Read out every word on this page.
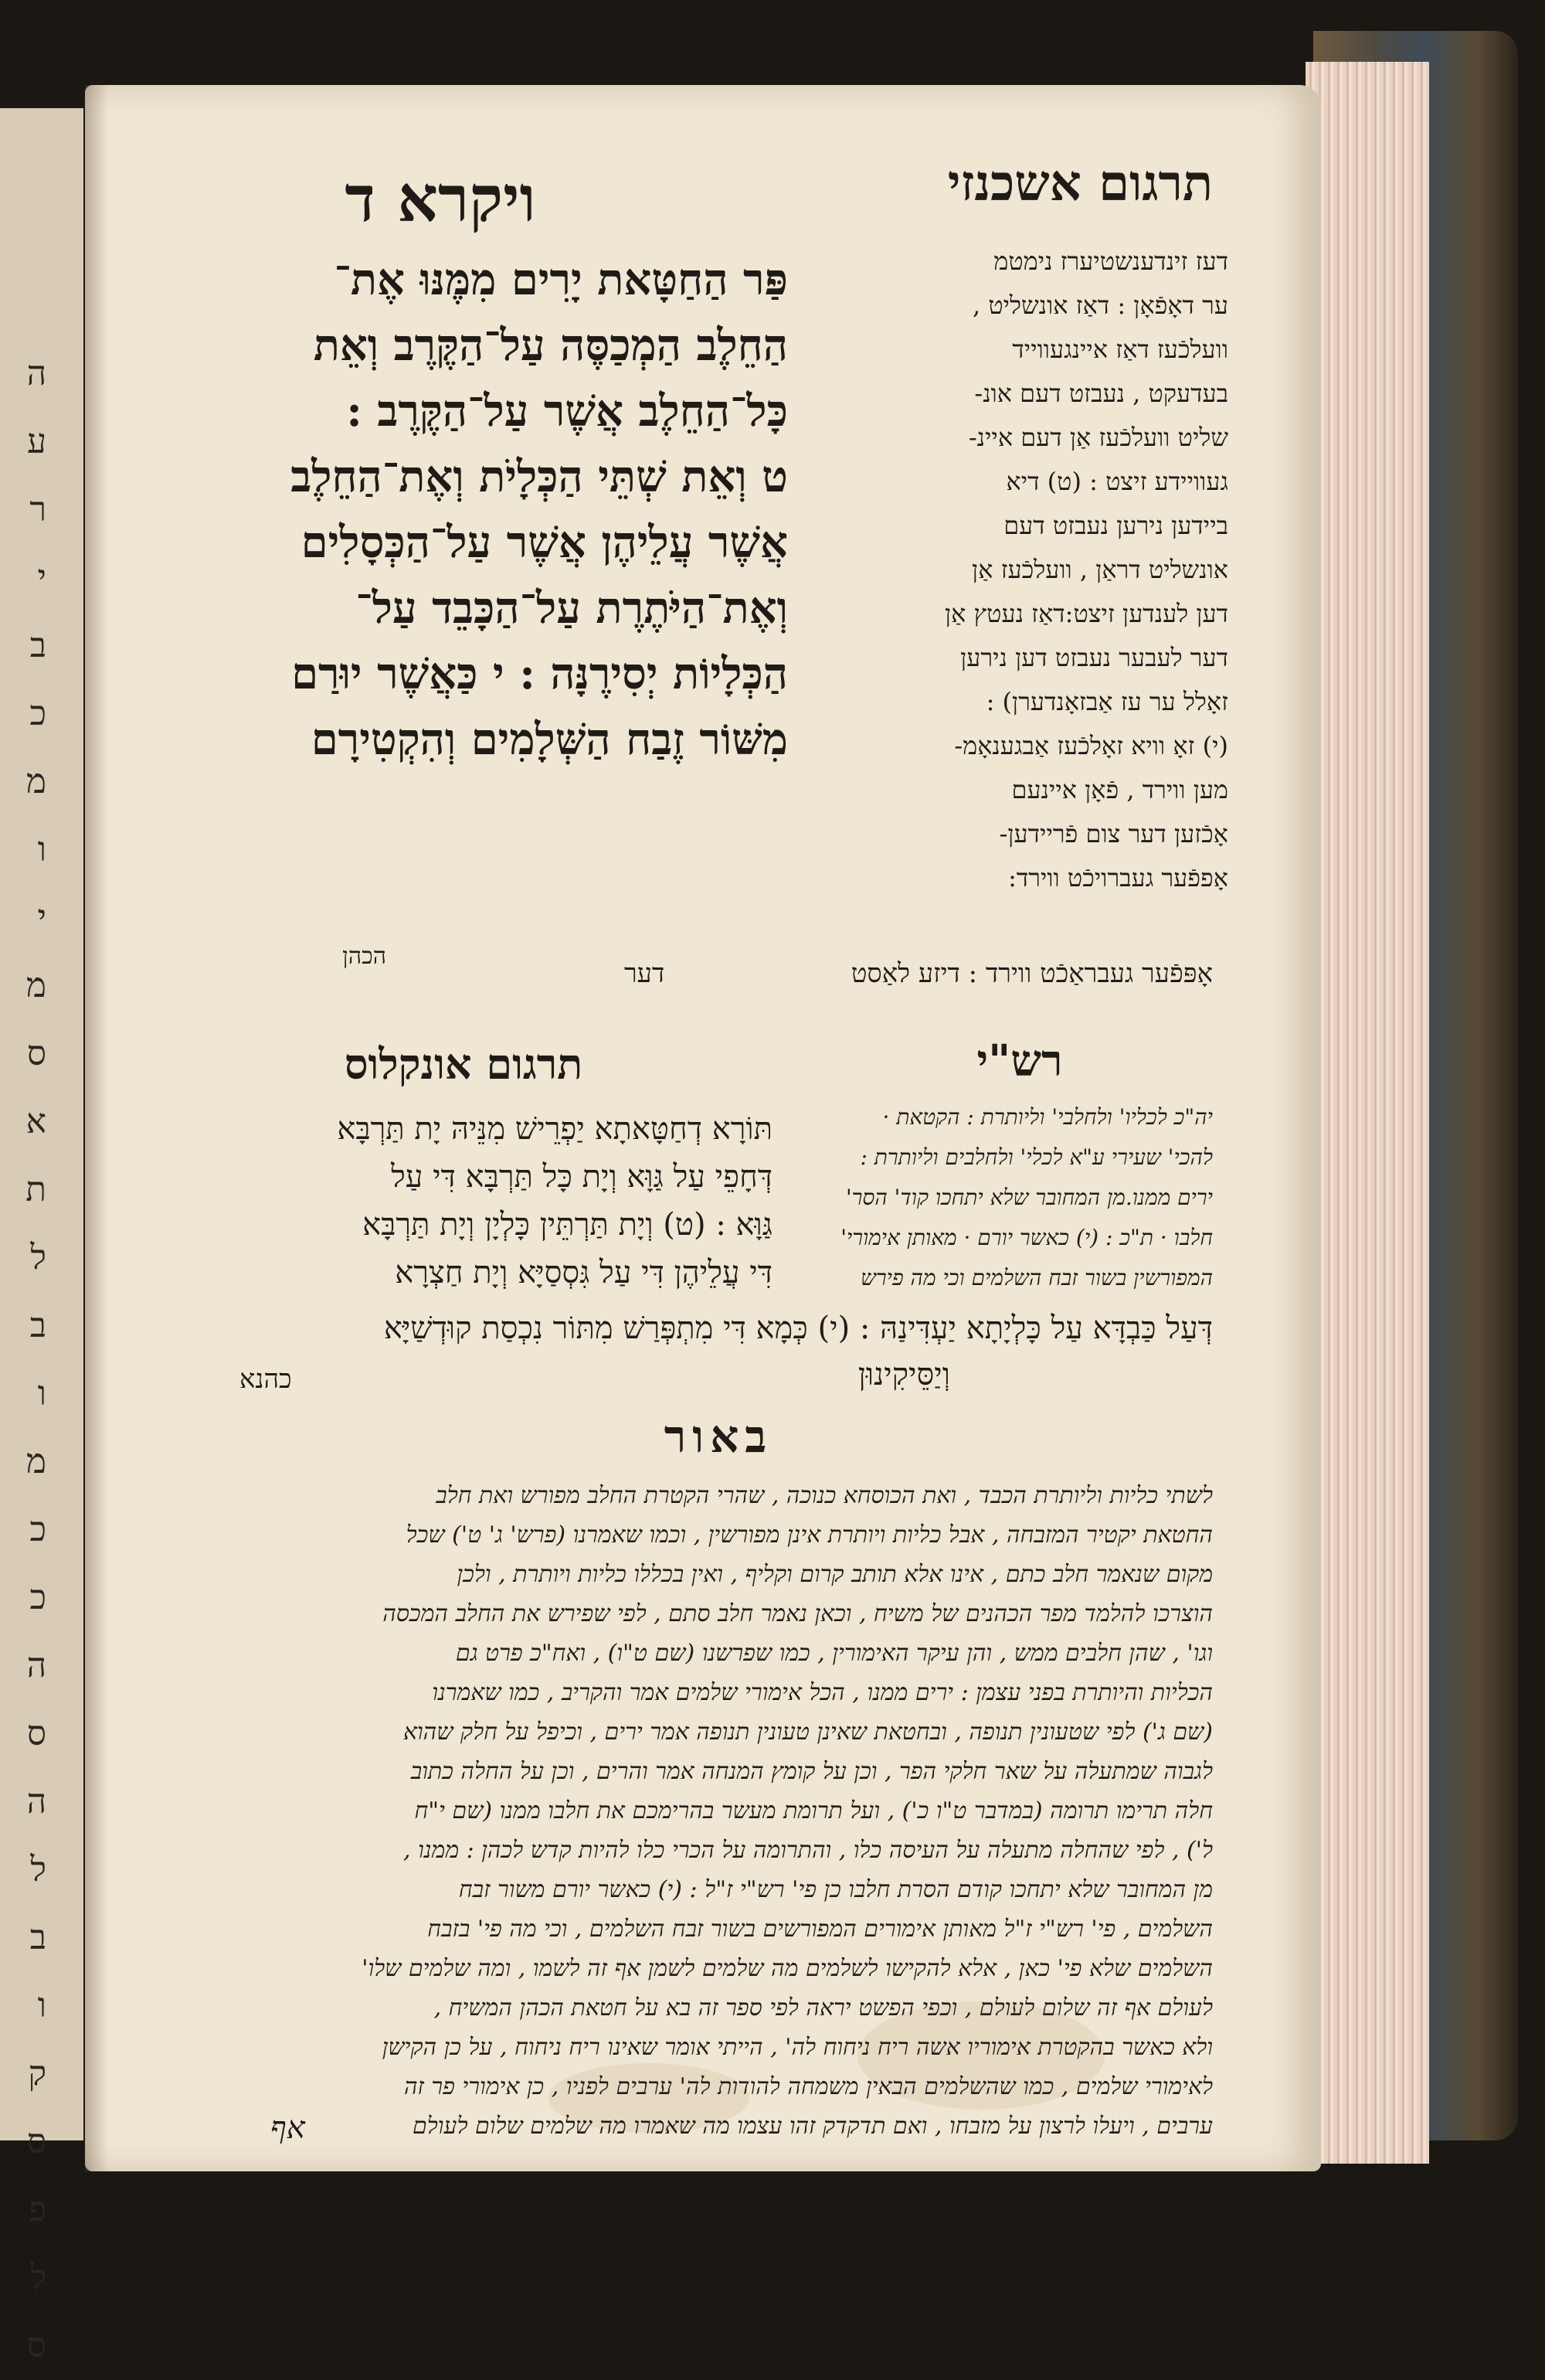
ה
ע
ר
י
ב
כ
מ
ו
י
מ
ס
א
ת
ל
ב
ו
מ
כ
כ
ה
ס
ה
ל
ב
ו
ק
ס
פ
ל
ס
תרגום אשכנזי
ויקרא ד
דעז זינדענשטיערז נימטמ
ער דאָפֿאָן : דאַז אונשליט ,
וועלכֿעז דאַז איינגעווייד
בעדעקט , נעבזט דעם אונ-
שליט וועלכֿעז אַן דעם איינ-
געוויידע זיצט : (ט) דיא
ביידען נירען נעבזט דעם
אונשליט דראַן , וועלכֿעז אַן
דען לענדען זיצט:דאַז נעטץ אַן
דער לעבער נעבזט דען נירען
זאָלל ער עז אַבזאָנדערן) :
(י) זאָ וויא זאָלכֿעז אַבגענאָמ-
מען ווירד , פֿאָן איינעם
אָכֿזען דער צום פֿריידען-
אָפפֿער געברויכֿט ווירד:
פַּר הַחַטָּאת יָרִים מִמֶּנּוּ אֶת־
הַחֵלֶב הַמְכַסֶּה עַל־הַקֶּרֶב וְאֵת
כָּל־הַחֵלֶב אֲשֶׁר עַל־הַקֶּרֶב :
ט וְאֵת שְׁתֵּי הַכְּלָיֹת וְאֶת־הַחֵלֶב
אֲשֶׁר עֲלֵיהֶן אֲשֶׁר עַל־הַכְּסָלִים
וְאֶת־הַיֹּתֶרֶת עַל־הַכָּבֵד עַל־
הַכְּלָיוֹת יְסִירֶנָּה : י כַּאֲשֶׁר יוּרַם
מִשּׁוֹר זֶבַח הַשְּׁלָמִים וְהִקְטִירָם
הכהן
אָפּפֿער געבראַכֿט ווירד : דיזע לאַסט  דער
רש"י
תרגום אונקלוס
יה"כ לכליו' ולחלבי' וליותרת : הקטאת ·
להכי' שעירי ע"א לכלי' ולחלבים וליותרת :
ירים ממנו.מן המחובר שלא יתחכו קוד' הסר'
חלבו · ת"כ : (י) כאשר יורם · מאותן אימורי'
המפורשין בשור זבח השלמים וכי מה פירש
תּוֹרָא דְחַטָּאתָא יַפְרֵישׁ מִנֵּיהּ יָת תַּרְבָּא
דְּחָפֵי עַל גַּוָּא וְיָת כָּל תַּרְבָּא דִּי עַל
גַּוָּא : (ט) וְיָת תַּרְתֵּין כָּלְיָן וְיָת תַּרְבָּא
דִּי עֲלֵיהֶן דִּי עַל גִּסְסַיָּא וְיָת חַצְרָא
דְּעַל כַּבְדָּא עַל כָּלְיָתָא יַעְדִּינַהּ : (י) כְּמָא דִּי מִתְפְּרַשׁ מִתּוֹר נִכְסַת קוּדְשַׁיָּא
וְיַסֵּיקִינוּן
כהנא
באור
לשתי כליות וליותרת הכבד , ואת הכוסחא כנוכה , שהרי הקטרת החלב מפורש ואת חלב
החטאת יקטיר המזבחה , אבל כליות ויותרת אינן מפורשין , וכמו שאמרנו (פרש' ג' ט') שכל
מקום שנאמר חלב כתם , אינו אלא תותב קרום וקליף , ואין בכללו כליות ויותרת , ולכן
הוצרכו להלמד מפר הכהנים של משיח , וכאן נאמר חלב סתם , לפי שפירש את החלב המכסה
וגו' , שהן חלבים ממש , והן עיקר האימורין , כמו שפרשנו (שם ט"ו) , ואח"כ פרט גם
הכליות והיותרת בפני עצמן : ירים ממנו , הכל אימורי שלמים אמר והקריב , כמו שאמרנו
(שם ג') לפי שטעונין תנופה , ובחטאת שאינן טעונין תנופה אמר ירים , וכיפל על חלק שהוא
לגבוה שמתעלה על שאר חלקי הפר , וכן על קומץ המנחה אמר והרים , וכן על החלה כתוב
חלה תרימו תרומה (במדבר ט"ו כ') , ועל תרומת מעשר בהרימכם את חלבו ממנו (שם י"ח
ל') , לפי שהחלה מתעלה על העיסה כלו , והתרומה על הכרי כלו להיות קדש לכהן : ממנו ,
מן המחובר שלא יתחכו קודם הסרת חלבו כן פי' רש"י ז"ל : (י) כאשר יורם משור זבח
השלמים , פי' רש"י ז"ל מאותן אימורים המפורשים בשור זבח השלמים , וכי מה פי' בזבח
השלמים שלא פי' כאן , אלא להקישו לשלמים מה שלמים לשמן אף זה לשמו , ומה שלמים שלו'
לעולם אף זה שלום לעולם , וכפי הפשט יראה לפי ספר זה בא על חטאת הכהן המשיח ,
ולא כאשר בהקטרת אימוריו אשה ריח ניחוח לה' , הייתי אומר שאינו ריח ניחוח , על כן הקישן
לאימורי שלמים , כמו שהשלמים הבאין משמחה להודות לה' ערבים לפניו , כן אימורי פר זה
ערבים , ויעלו לרצון על מזבחו , ואם תדקדק זהו עצמו מה שאמרו מה שלמים שלום לעולם
אף
